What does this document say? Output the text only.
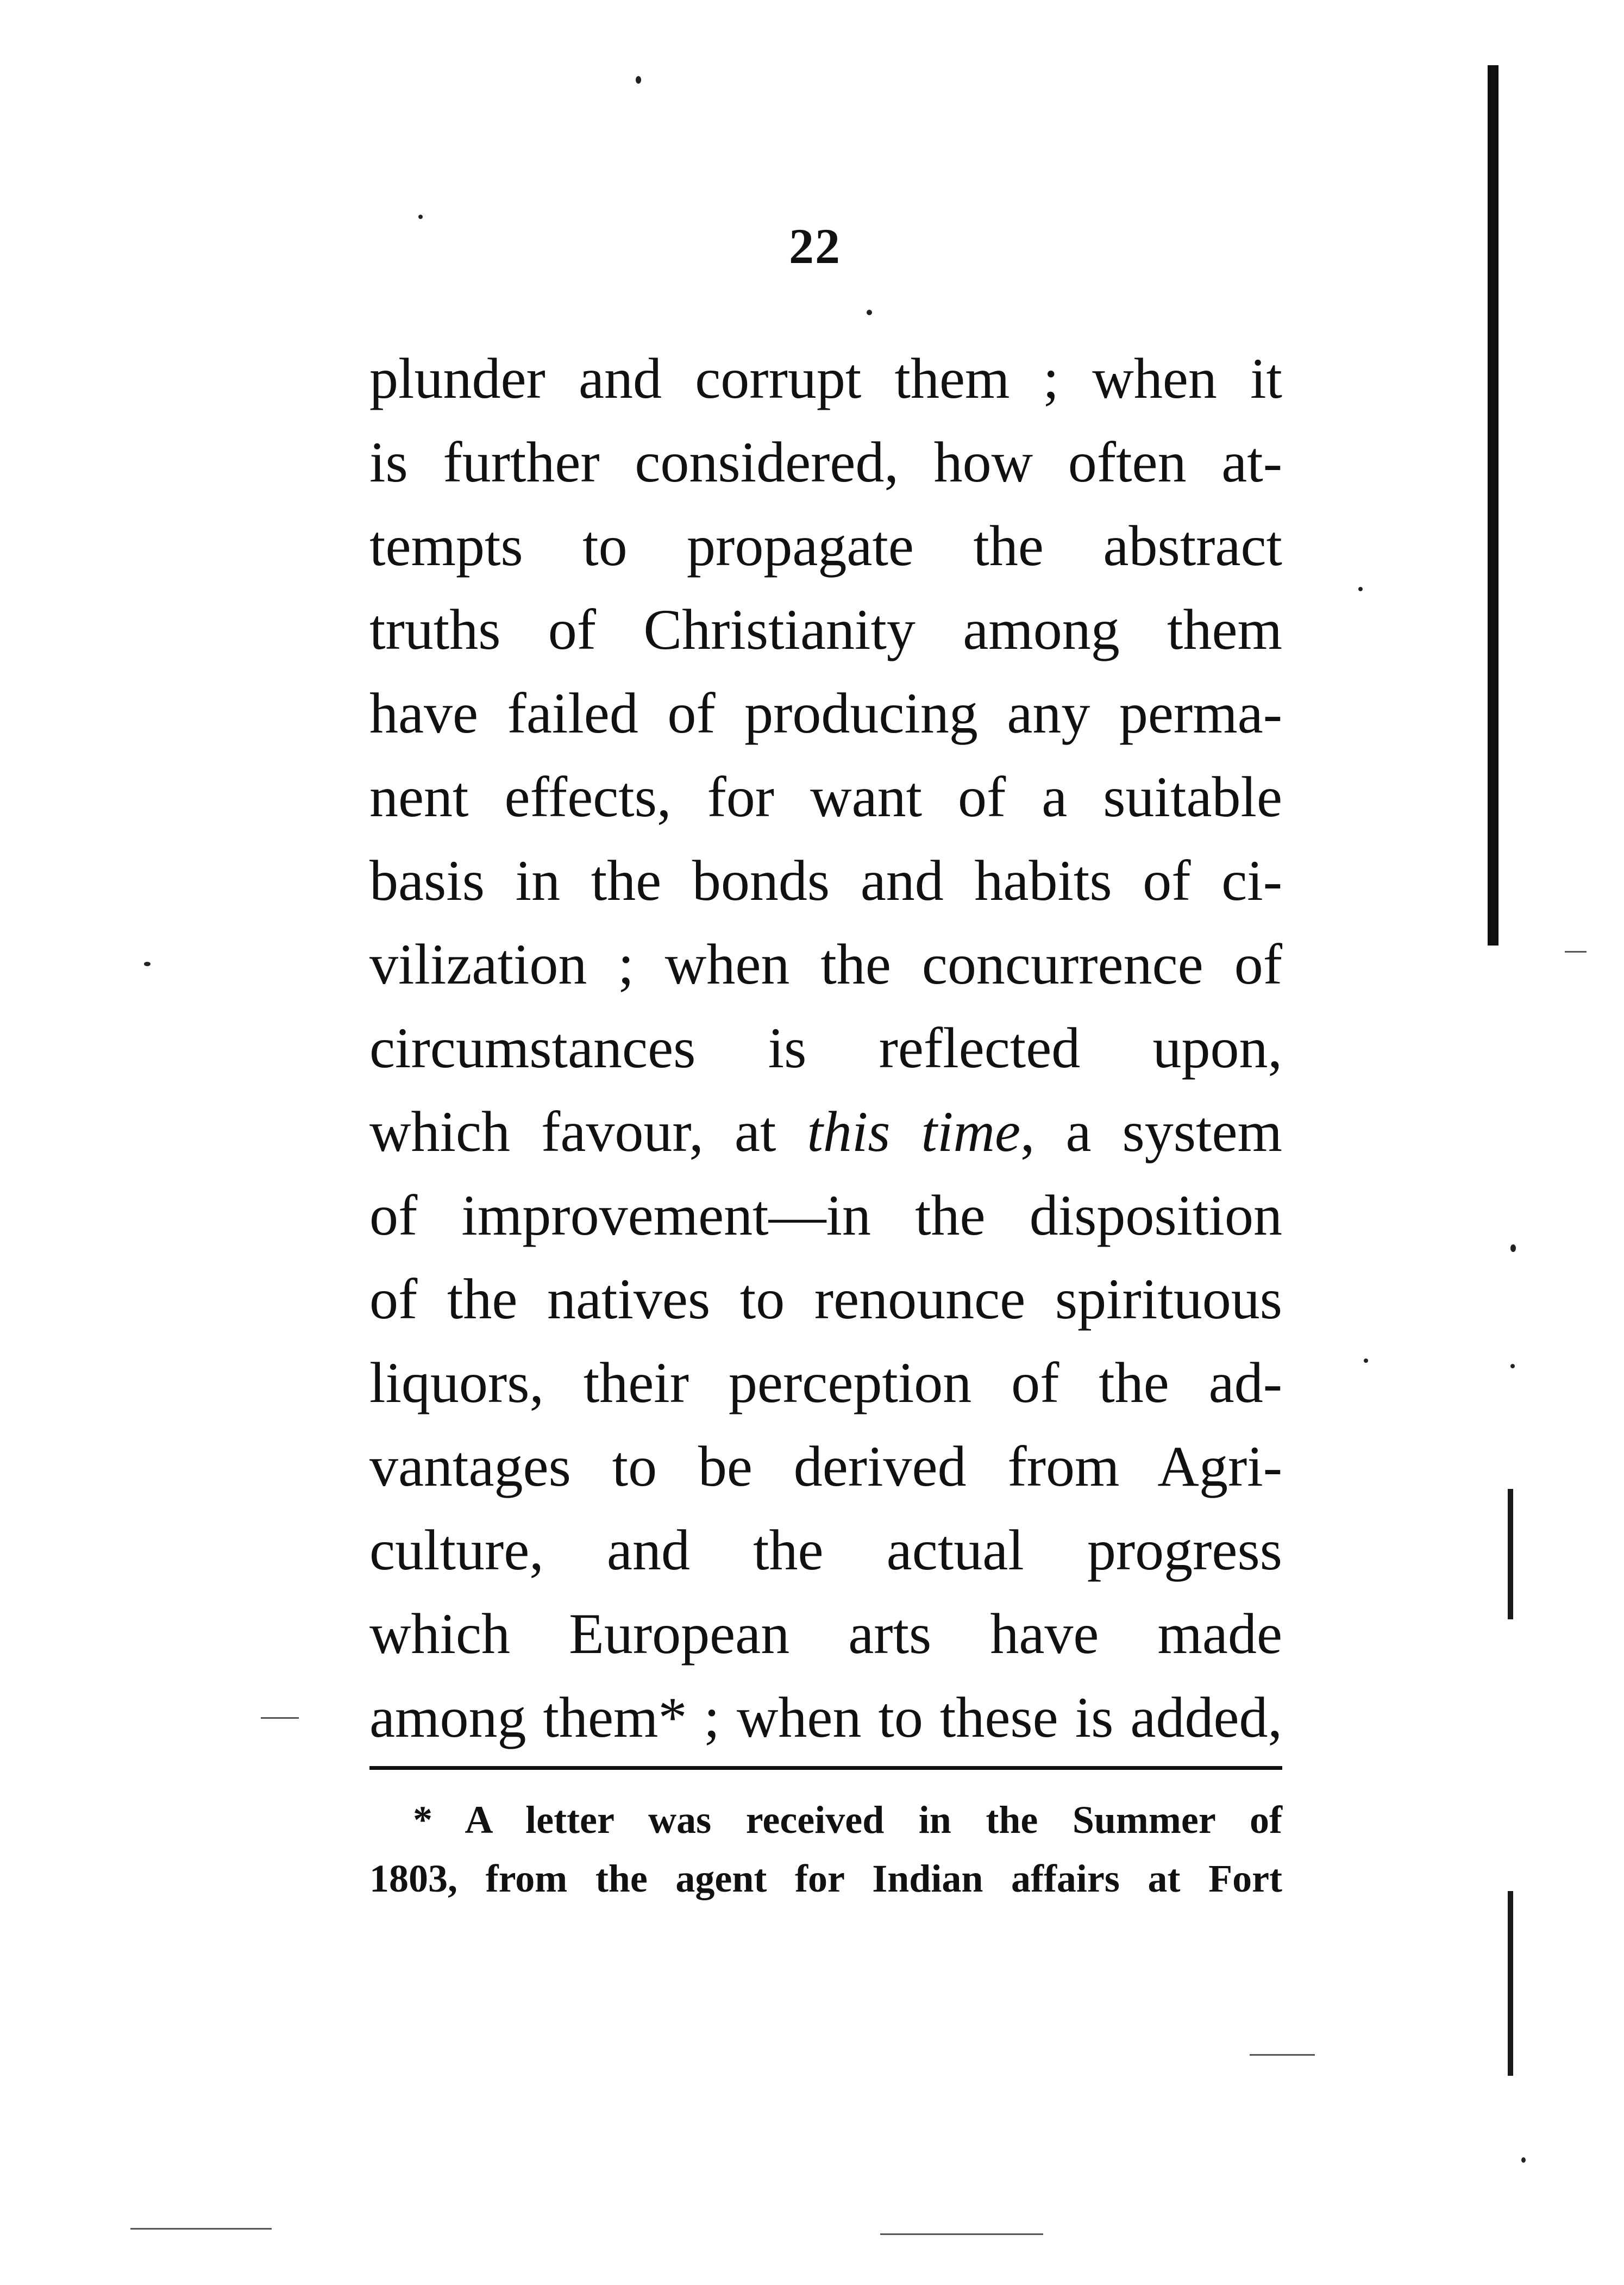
22
plunder and corrupt them ; when it
is further considered, how often at-
tempts to propagate the abstract
truths of Christianity among them
have failed of producing any perma-
nent effects, for want of a suitable
basis in the bonds and habits of ci-
vilization ; when the concurrence of
circumstances is reflected upon,
which favour, at this time, a system
of improvement—in the disposition
of the natives to renounce spirituous
liquors, their perception of the ad-
vantages to be derived from Agri-
culture, and the actual progress
which European arts have made
among them* ; when to these is added,
* A letter was received in the Summer of
1803, from the agent for Indian affairs at Fort
